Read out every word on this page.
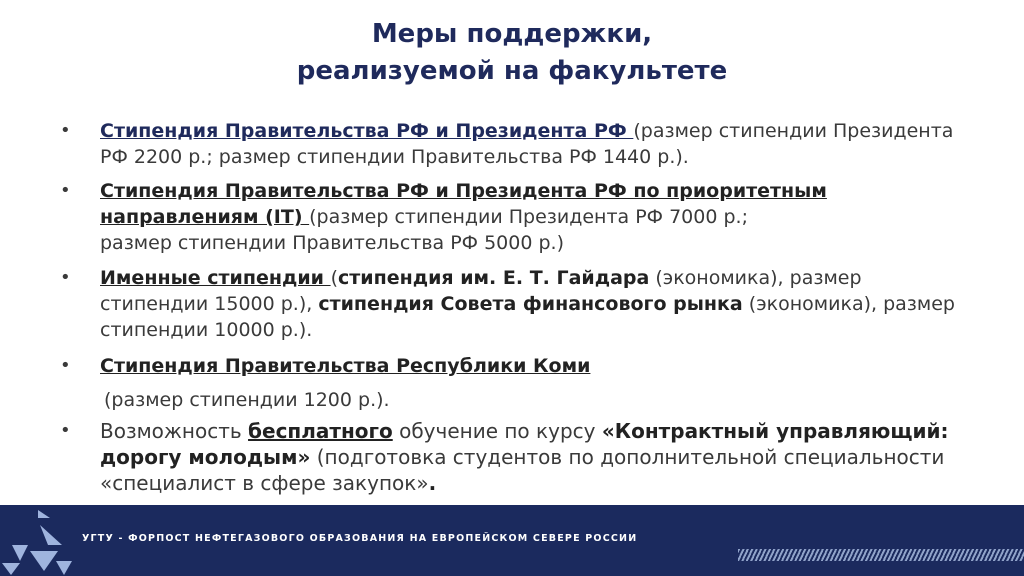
Меры поддержки,
реализуемой на факультете
• Стипендия Правительства РФ и Президента РФ (размер стипендии Президента РФ 2200 р.; размер стипендии Правительства РФ 1440 р.).
• Стипендия Правительства РФ и Президента РФ по приоритетным направлениям (IT) (размер стипендии Президента РФ 7000 р.;
размер стипендии Правительства РФ 5000 р.)
• Именные стипендии (стипендия им. Е. Т. Гайдара (экономика), размер стипендии 15000 р.), стипендия Совета финансового рынка (экономика), размер стипендии 10000 р.).
• Стипендия Правительства Республики Коми
(размер стипендии 1200 р.).
• Возможность бесплатного обучение по курсу «Контрактный управляющий: дорогу молодым» (подготовка студентов по дополнительной специальности «специалист в сфере закупок».
УГТУ - ФОРПОСТ НЕФТЕГАЗОВОГО ОБРАЗОВАНИЯ НА ЕВРОПЕЙСКОМ СЕВЕРЕ РОССИИ
